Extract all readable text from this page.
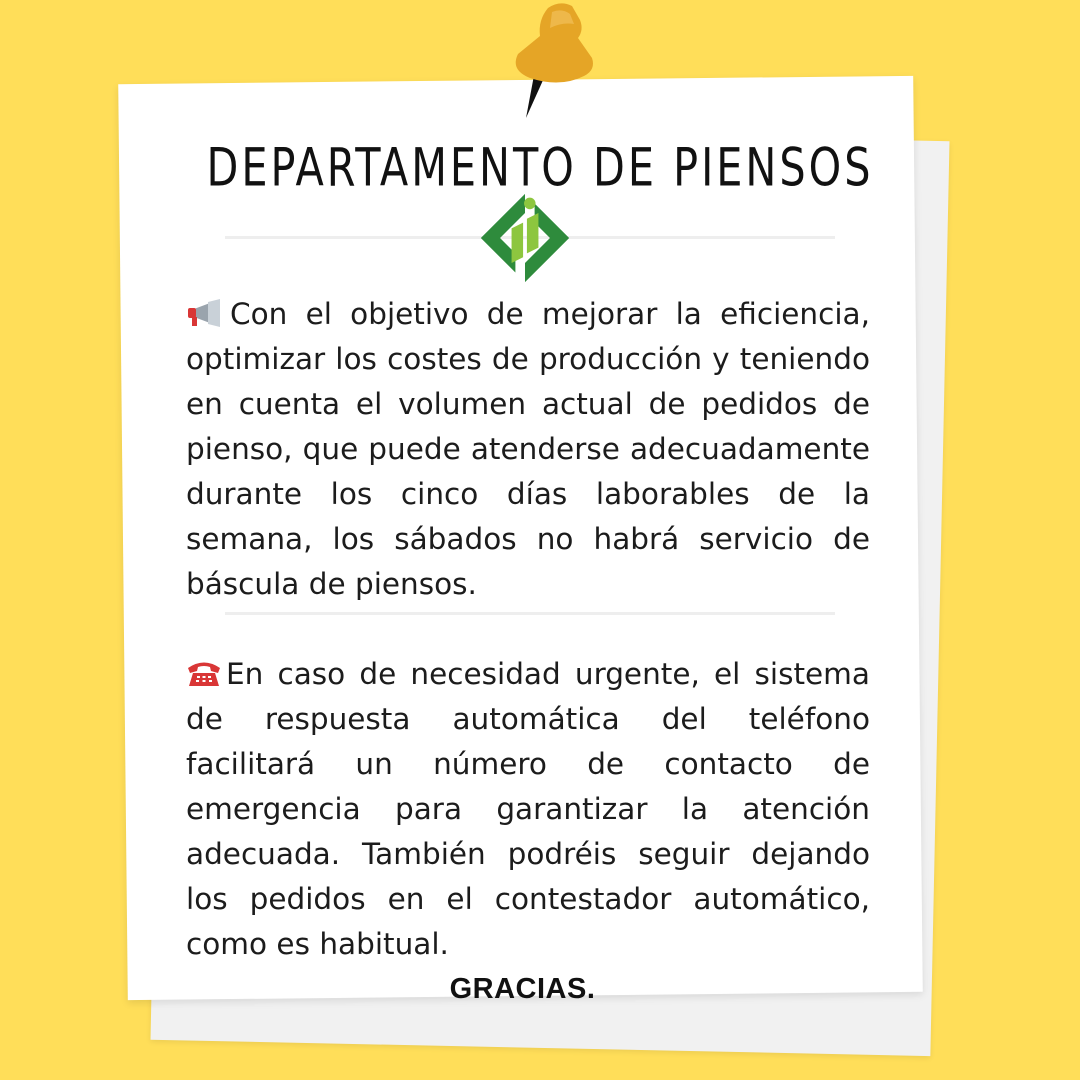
DEPARTAMENTO DE PIENSOS

Con el objetivo de mejorar la eficiencia, optimizar los costes de producción y teniendo en cuenta el volumen actual de pedidos de pienso, que puede atenderse adecuadamente durante los cinco días laborables de la semana, los sábados no habrá servicio de báscula de piensos.

En caso de necesidad urgente, el sistema de respuesta automática del teléfono facilitará un número de contacto de emergencia para garantizar la atención adecuada. También podréis seguir dejando los pedidos en el contestador automático, como es habitual.

GRACIAS.
